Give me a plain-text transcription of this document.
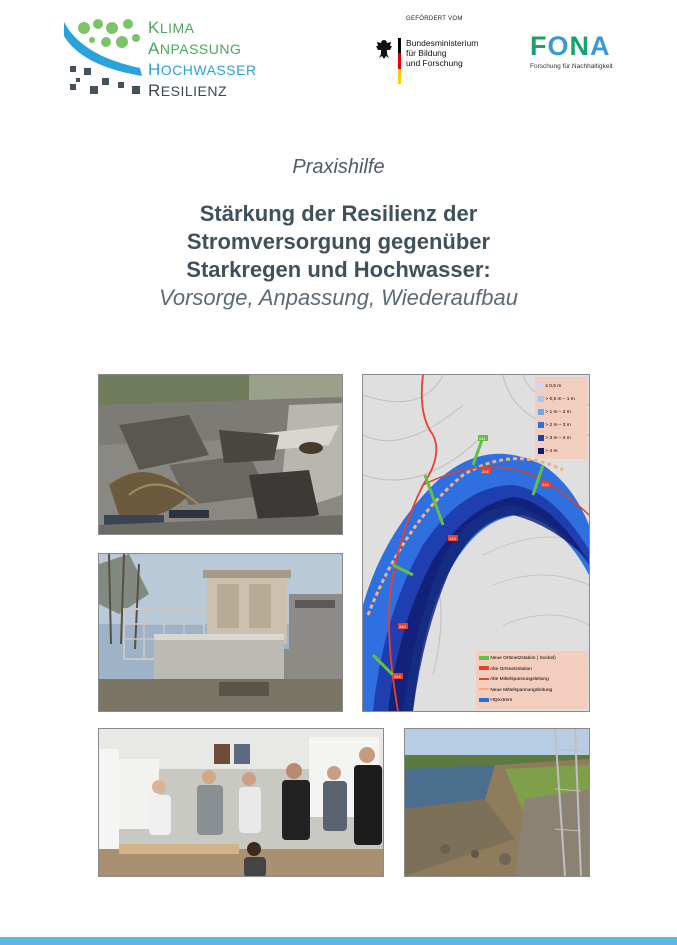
KLIMA
ANPASSUNG
HOCHWASSER
RESILIENZ
GEFÖRDERT VOM
Bundesministerium
für Bildung
und Forschung
FONA
Forschung für Nachhaltigkeit
Praxishilfe
Stärkung der Resilienz der
Stromversorgung gegenüber
Starkregen und Hochwasser:
Vorsorge, Anpassung, Wiederaufbau
246
243
240
244
245
241
≤ 0,5 m
> 0,5 m – 1 m
> 1 m – 2 m
> 2 m – 3 m
> 3 m – 4 m
> 4 m
Neue Ortsnetzstation ( Sockel)
Alte Ortsnetzstation
Alte Mittelspannungsleitung
Neue Mittelspannungsleitung
HQextrem
